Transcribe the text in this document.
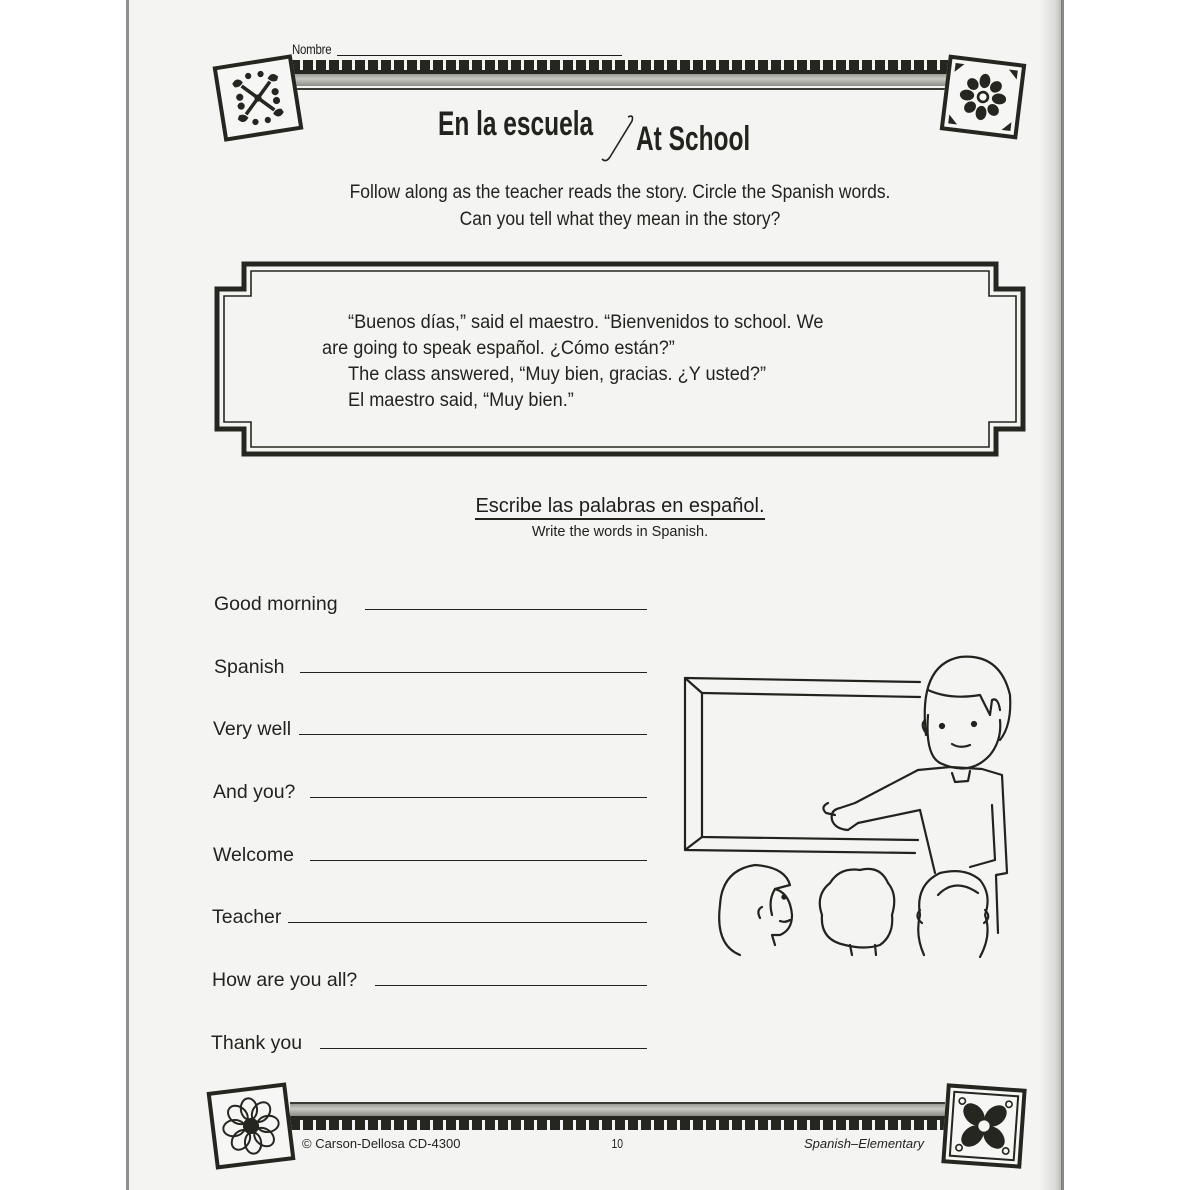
Nombre
En la escuela At School
Follow along as the teacher reads the story. Circle the Spanish words.
Can you tell what they mean in the story?

“Buenos días,” said el maestro. “Bienvenidos to school. We

are going to speak español. ¿Cómo están?”

The class answered, “Muy bien, gracias. ¿Y usted?”

El maestro said, “Muy bien.”

Escribe las palabras en español.
Write the words in Spanish.
Good morning
Spanish
Very well
And you?
Welcome
Teacher
How are you all?
Thank you
© Carson-Dellosa CD-4300	10	Spanish–Elementary
